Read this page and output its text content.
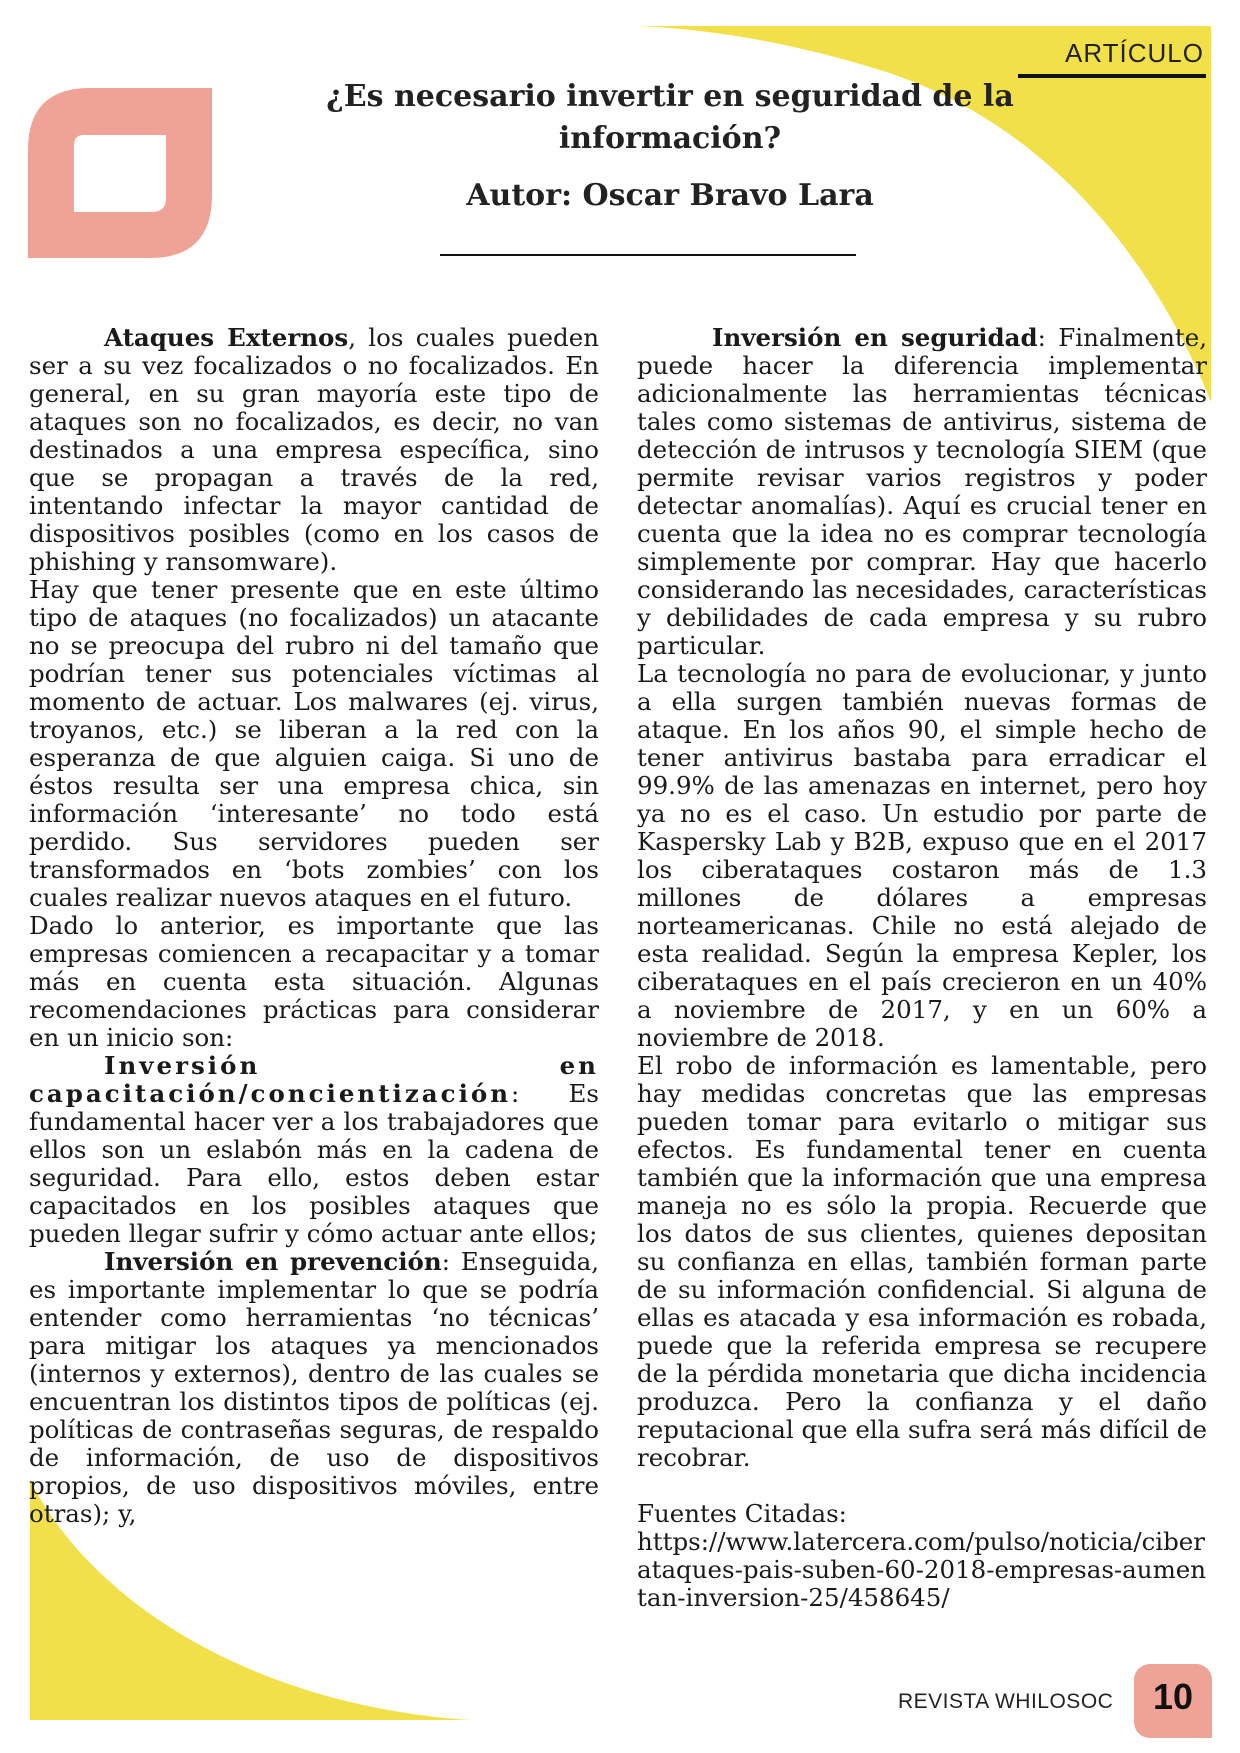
ARTÍCULO
¿Es necesario invertir en seguridad de la información?
Autor: Oscar Bravo Lara

Ataques Externos, los cuales pueden ser a su vez focalizados o no focalizados. En general, en su gran mayoría este tipo de ataques son no focalizados, es decir, no van destinados a una empresa específica, sino que se propagan a través de la red, intentando infectar la mayor cantidad de dispositivos posibles (como en los casos de phishing y ransomware).

Hay que tener presente que en este último tipo de ataques (no focalizados) un atacante no se preocupa del rubro ni del tamaño que podrían tener sus potenciales víctimas al momento de actuar. Los malwares (ej. virus, troyanos, etc.) se liberan a la red con la esperanza de que alguien caiga. Si uno de éstos resulta ser una empresa chica, sin información ‘interesante’ no todo está perdido. Sus servidores pueden ser transformados en ‘bots zombies’ con los cuales realizar nuevos ataques en el futuro.

Dado lo anterior, es importante que las empresas comiencen a recapacitar y a tomar más en cuenta esta situación. Algunas recomendaciones prácticas para considerar en un inicio son:

Inversión en capacitación/concientización: Es fundamental hacer ver a los trabajadores que ellos son un eslabón más en la cadena de seguridad. Para ello, estos deben estar capacitados en los posibles ataques que pueden llegar sufrir y cómo actuar ante ellos;

Inversión en prevención: Enseguida, es importante implementar lo que se podría entender como herramientas ‘no técnicas’ para mitigar los ataques ya mencionados (internos y externos), dentro de las cuales se encuentran los distintos tipos de políticas (ej. políticas de contraseñas seguras, de respaldo de información, de uso de dispositivos propios, de uso dispositivos móviles, entre otras); y,

Inversión en seguridad: Finalmente, puede hacer la diferencia implementar adicionalmente las herramientas técnicas tales como sistemas de antivirus, sistema de detección de intrusos y tecnología SIEM (que permite revisar varios registros y poder detectar anomalías). Aquí es crucial tener en cuenta que la idea no es comprar tecnología simplemente por comprar. Hay que hacerlo considerando las necesidades, características y debilidades de cada empresa y su rubro particular.

La tecnología no para de evolucionar, y junto a ella surgen también nuevas formas de ataque. En los años 90, el simple hecho de tener antivirus bastaba para erradicar el 99.9% de las amenazas en internet, pero hoy ya no es el caso. Un estudio por parte de Kaspersky Lab y B2B, expuso que en el 2017 los ciberataques costaron más de 1.3 millones de dólares a empresas norteamericanas. Chile no está alejado de esta realidad. Según la empresa Kepler, los ciberataques en el país crecieron en un 40% a noviembre de 2017, y en un 60% a noviembre de 2018.

El robo de información es lamentable, pero hay medidas concretas que las empresas pueden tomar para evitarlo o mitigar sus efectos. Es fundamental tener en cuenta también que la información que una empresa maneja no es sólo la propia. Recuerde que los datos de sus clientes, quienes depositan su confianza en ellas, también forman parte de su información confidencial. Si alguna de ellas es atacada y esa información es robada, puede que la referida empresa se recupere de la pérdida monetaria que dicha incidencia produzca. Pero la confianza y el daño reputacional que ella sufra será más difícil de recobrar.

Fuentes Citadas:

https://www.latercera.com/pulso/noticia/ciberataques-pais-suben-60-2018-empresas-aumentan-inversion-25/458645/

REVISTA WHILOSOC	10
